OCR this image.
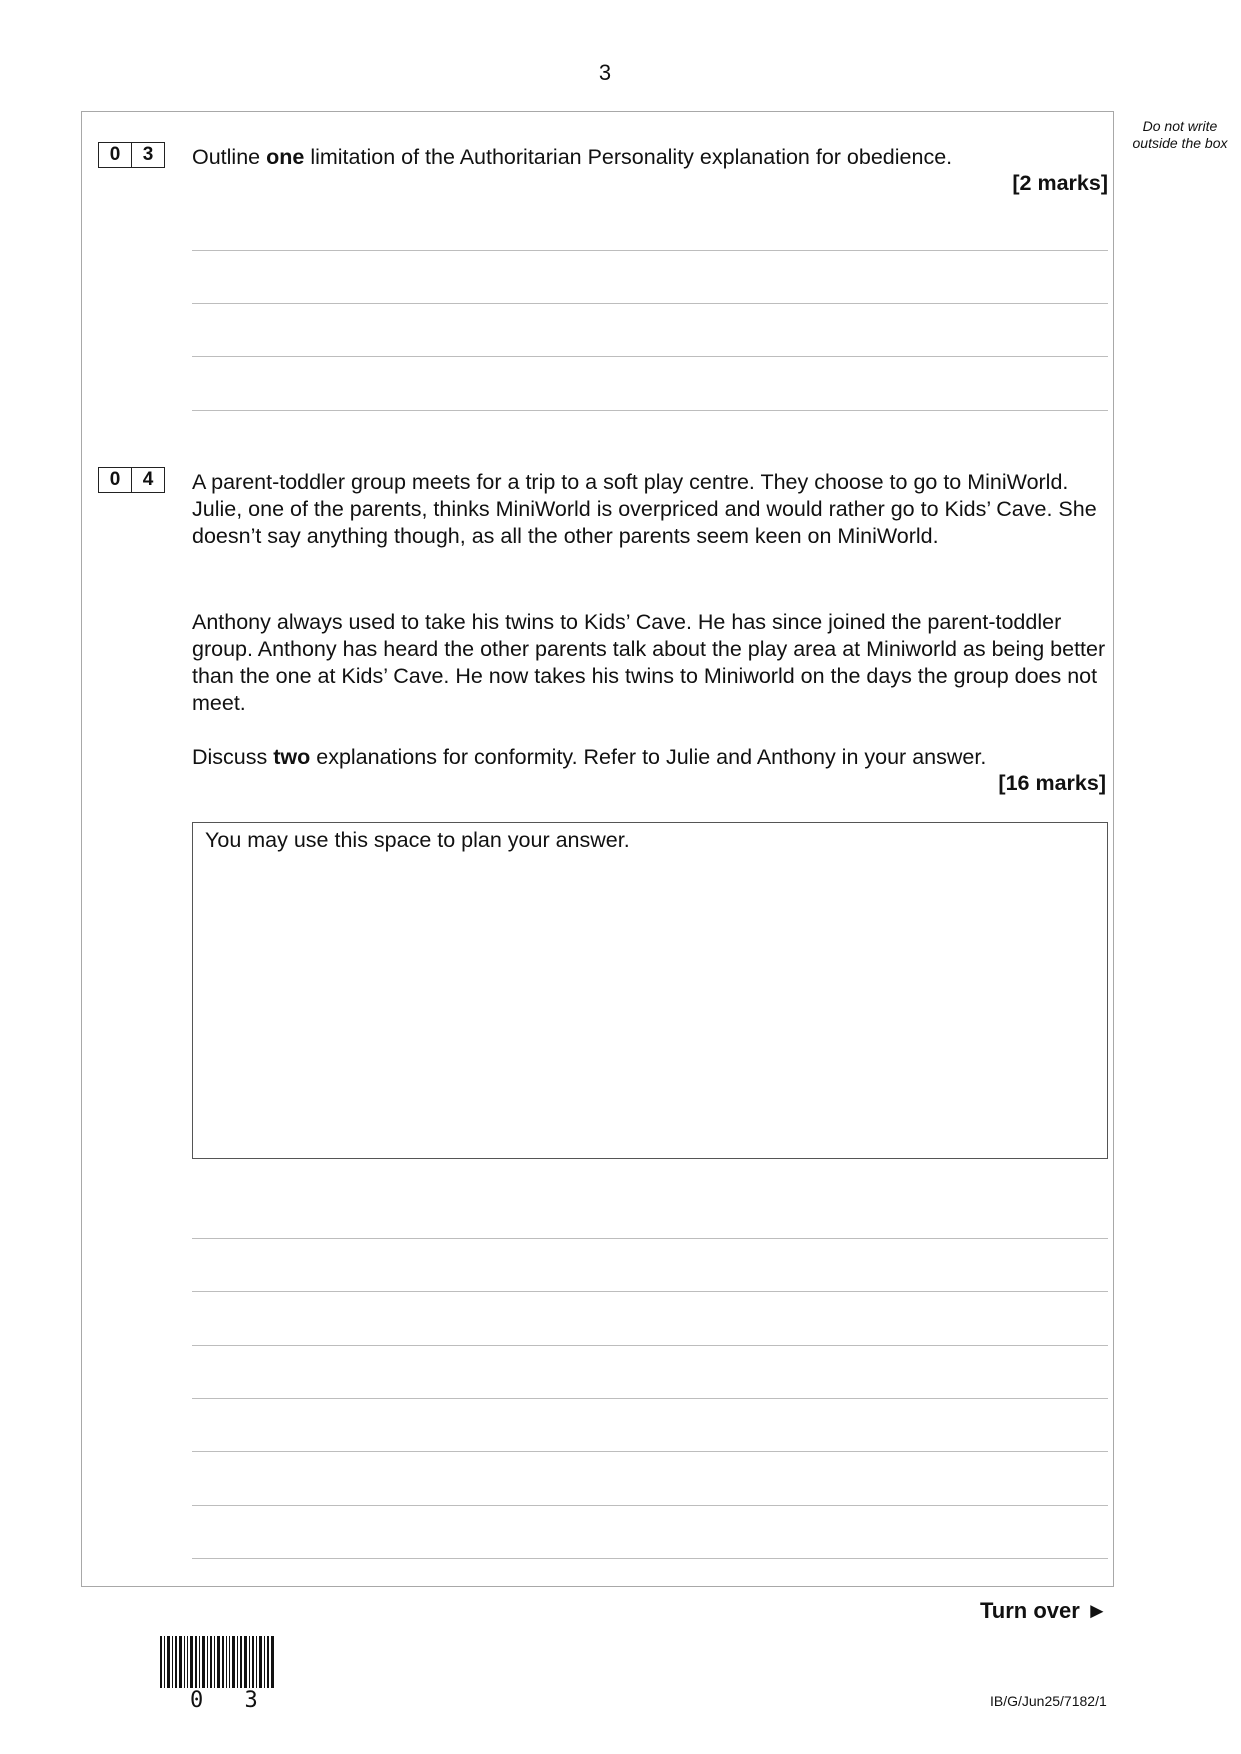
3
Do not write outside the box
0	3	Outline one limitation of the Authoritarian Personality explanation for obedience.
[2 marks]
0	4	A parent-toddler group meets for a trip to a soft play centre. They choose to go to MiniWorld. Julie, one of the parents, thinks MiniWorld is overpriced and would rather go to Kids’ Cave. She doesn’t say anything though, as all the other parents seem keen on MiniWorld.
Anthony always used to take his twins to Kids’ Cave. He has since joined the parent-toddler group. Anthony has heard the other parents talk about the play area at Miniworld as being better than the one at Kids’ Cave. He now takes his twins to Miniworld on the days the group does not meet.
Discuss two explanations for conformity. Refer to Julie and Anthony in your answer.
[16 marks]
You may use this space to plan your answer.
Turn over ►
0 3	IB/G/Jun25/7182/1
